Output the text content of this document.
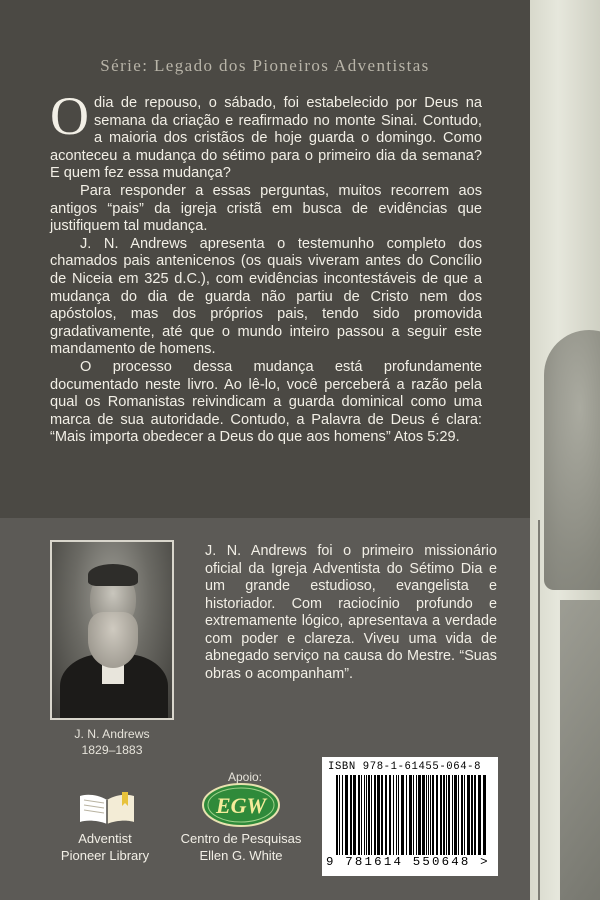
Série: Legado dos Pioneiros Adventistas

Odia de repouso, o sábado, foi estabelecido por Deus na semana da criação e reafirmado no monte Sinai. Contudo, a maioria dos cristãos de hoje guarda o domingo. Como aconteceu a mudança do sétimo para o primeiro dia da semana? E quem fez essa mudança?

Para responder a essas perguntas, muitos recorrem aos antigos “pais” da igreja cristã em busca de evidências que justifiquem tal mudança.

J. N. Andrews apresenta o testemunho completo dos chamados pais antenicenos (os quais viveram antes do Concílio de Niceia em 325 d.C.), com evidências incontestáveis de que a mudança do dia de guarda não partiu de Cristo nem dos apóstolos, mas dos próprios pais, tendo sido promovida gradativamente, até que o mundo inteiro passou a seguir este mandamento de homens.

O processo dessa mudança está profundamente documentado neste livro. Ao lê-lo, você perceberá a razão pela qual os Romanistas reivindicam a guarda dominical como uma marca de sua autoridade. Contudo, a Palavra de Deus é clara: “Mais importa obedecer a Deus do que aos homens” Atos 5:29.

J. N. Andrews
1829–1883
J. N. Andrews foi o primeiro missionário oficial da Igreja Adventista do Sétimo Dia e um grande estudioso, evangelista e historiador. Com raciocínio profundo e extremamente lógico, apresentava a verdade com poder e clareza. Viveu uma vida de abnegado serviço na causa do Mestre. “Suas obras o acompanham”.
Apoio:
Adventist
Pioneer Library
EGW
Centro de Pesquisas
Ellen G. White
ISBN 978-1-61455-064-8
9 781614 550648 >
